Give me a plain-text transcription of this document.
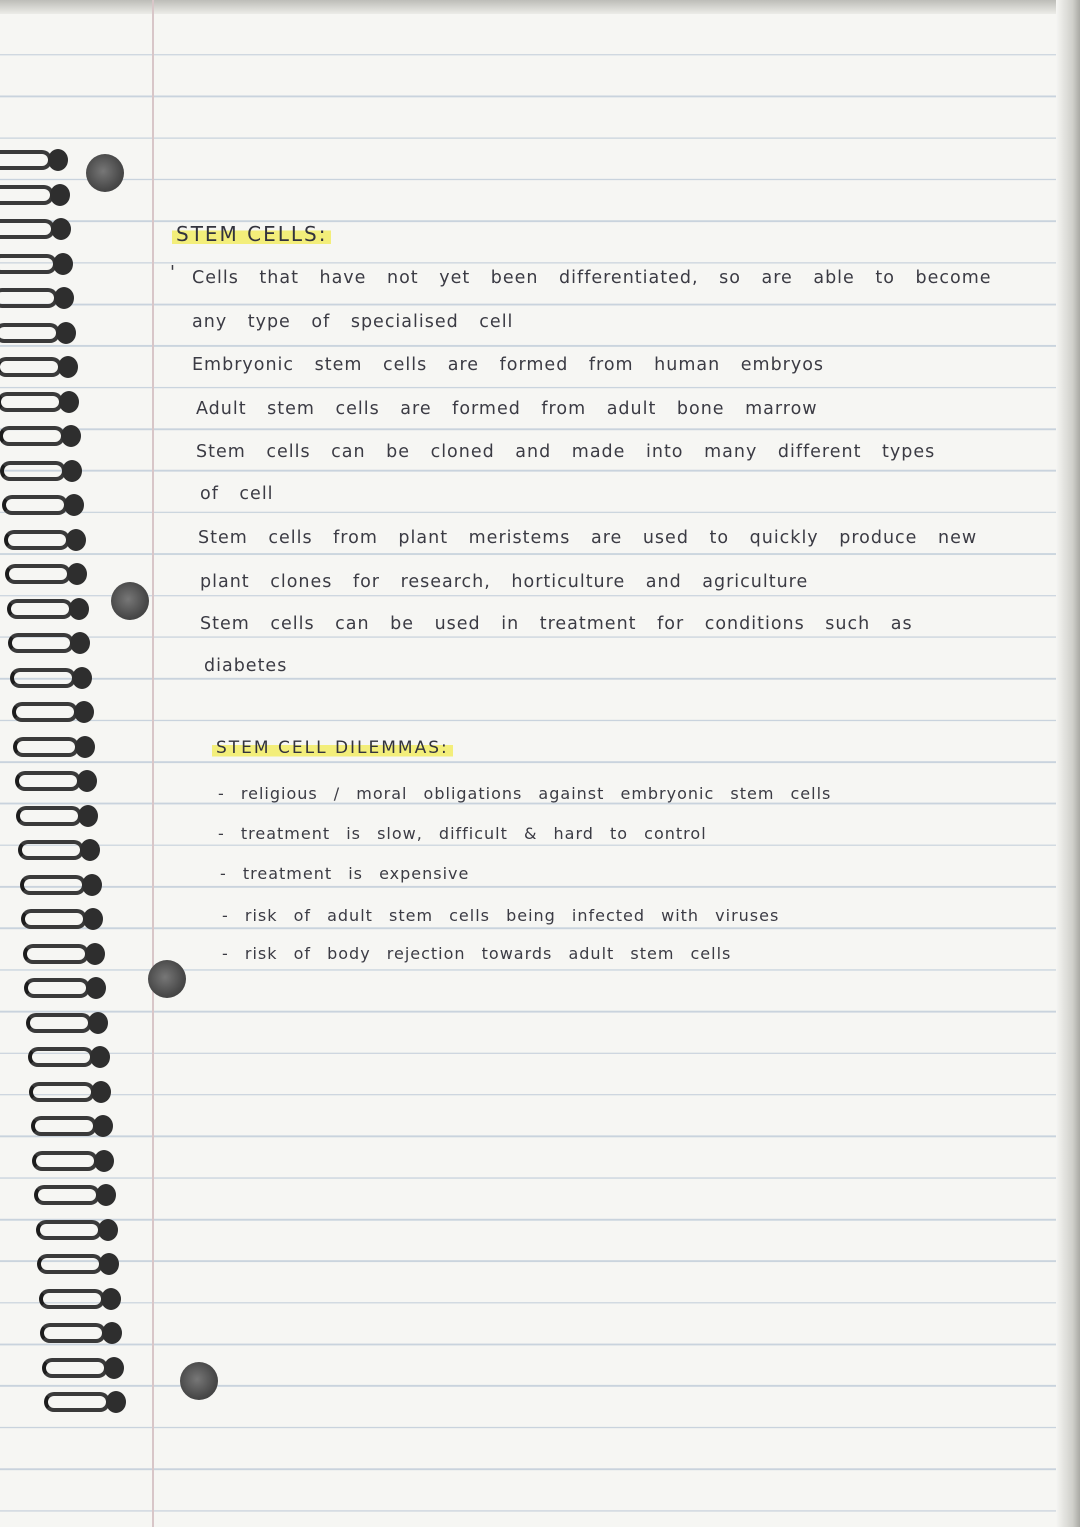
STEM CELLS:
' Cells that have not yet been differentiated, so are able to become
any type of specialised cell
Embryonic stem cells are formed from human embryos
Adult stem cells are formed from adult bone marrow
Stem cells can be cloned and made into many different types
of cell
Stem cells from plant meristems are used to quickly produce new
plant clones for research, horticulture and agriculture
Stem cells can be used in treatment for conditions such as
diabetes
STEM CELL DILEMMAS:
- religious / moral obligations against embryonic stem cells
- treatment is slow, difficult & hard to control
- treatment is expensive
- risk of adult stem cells being infected with viruses
- risk of body rejection towards adult stem cells
